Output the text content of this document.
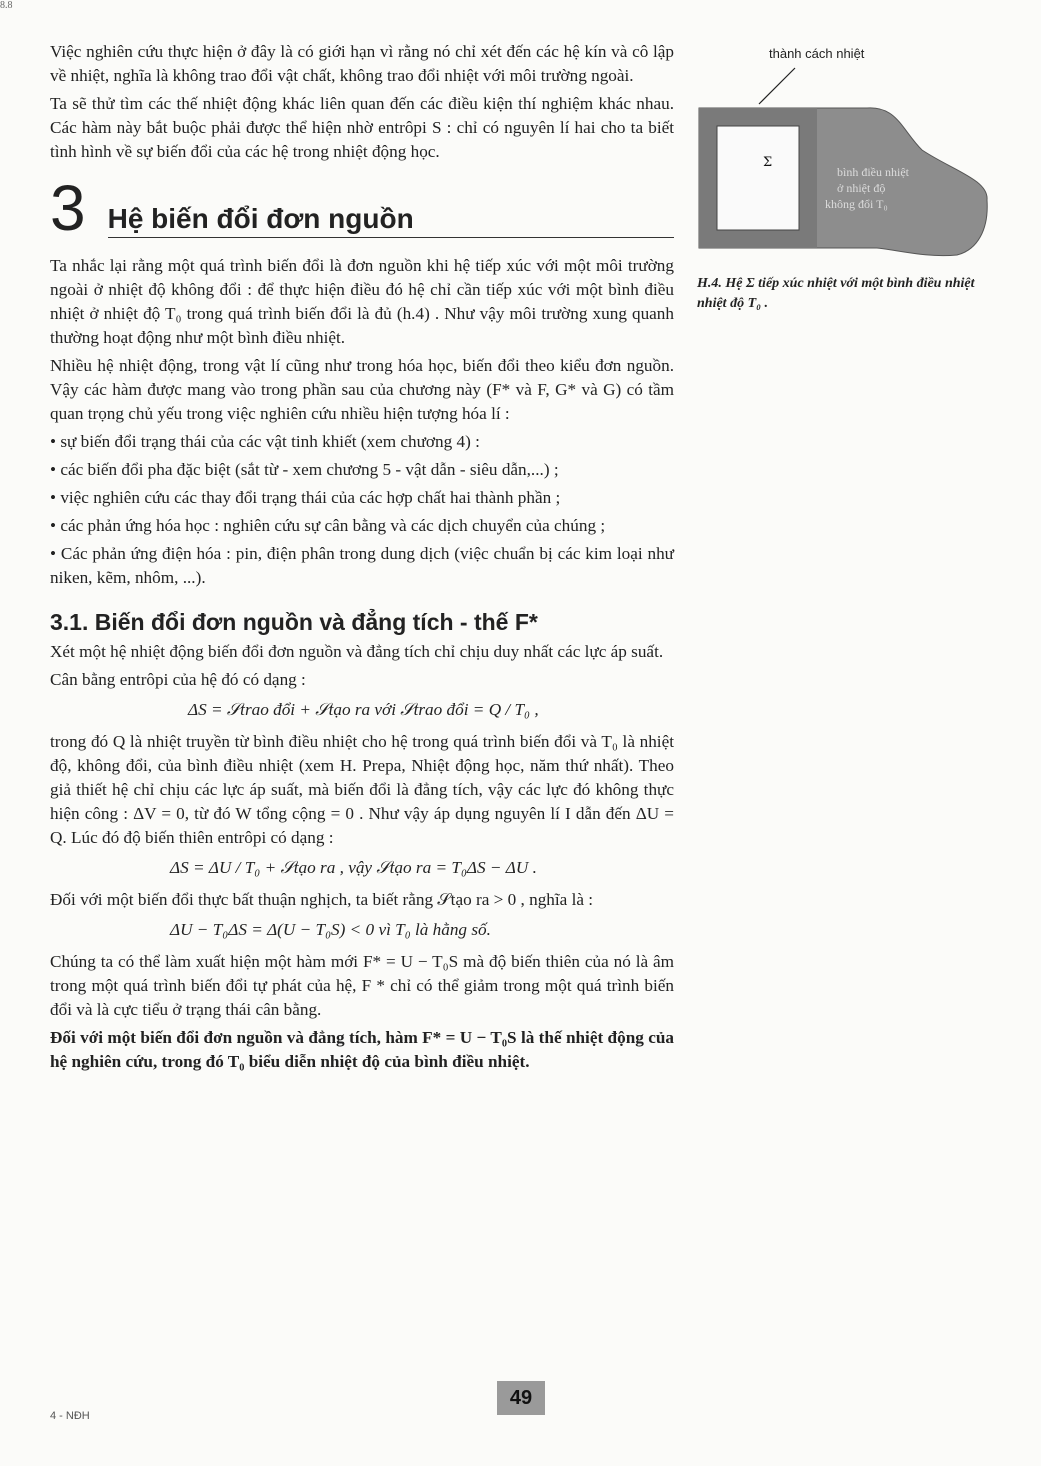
8.8

Việc nghiên cứu thực hiện ở đây là có giới hạn vì rằng nó chỉ xét đến các hệ kín và cô lập về nhiệt, nghĩa là không trao đổi vật chất, không trao đổi nhiệt với môi trường ngoài.

Ta sẽ thử tìm các thế nhiệt động khác liên quan đến các điều kiện thí nghiệm khác nhau. Các hàm này bắt buộc phải được thể hiện nhờ entrôpi S : chỉ có nguyên lí hai cho ta biết tình hình về sự biến đổi của các hệ trong nhiệt động học.

3 Hệ biến đổi đơn nguồn

Ta nhắc lại rằng một quá trình biến đổi là đơn nguồn khi hệ tiếp xúc với một môi trường ngoài ở nhiệt độ không đổi : để thực hiện điều đó hệ chỉ cần tiếp xúc với một bình điều nhiệt ở nhiệt độ T₀ trong quá trình biến đổi là đủ (h.4) . Như vậy môi trường xung quanh thường hoạt động như một bình điều nhiệt.

Nhiều hệ nhiệt động, trong vật lí cũng như trong hóa học, biến đổi theo kiểu đơn nguồn. Vậy các hàm được mang vào trong phần sau của chương này (F* và F, G* và G) có tầm quan trọng chủ yếu trong việc nghiên cứu nhiều hiện tượng hóa lí :

• sự biến đổi trạng thái của các vật tinh khiết (xem chương 4) :

• các biến đổi pha đặc biệt (sắt từ - xem chương 5 - vật dẫn - siêu dẫn,...) ;

• việc nghiên cứu các thay đổi trạng thái của các hợp chất hai thành phần ;

• các phản ứng hóa học : nghiên cứu sự cân bằng và các dịch chuyển của chúng ;

• Các phản ứng điện hóa : pin, điện phân trong dung dịch (việc chuẩn bị các kim loại như niken, kẽm, nhôm, ...).

3.1. Biến đổi đơn nguồn và đẳng tích - thế F*

Xét một hệ nhiệt động biến đổi đơn nguồn và đẳng tích chỉ chịu duy nhất các lực áp suất.

Cân bằng entrôpi của hệ đó có dạng :

ΔS = 𝒮trao đổi + 𝒮tạo ra với 𝒮trao đổi = Q / T₀ ,

trong đó Q là nhiệt truyền từ bình điều nhiệt cho hệ trong quá trình biến đổi và T₀ là nhiệt độ, không đổi, của bình điều nhiệt (xem H. Prepa, Nhiệt động học, năm thứ nhất). Theo giả thiết hệ chỉ chịu các lực áp suất, mà biến đổi là đẳng tích, vậy các lực đó không thực hiện công : ΔV = 0, từ đó W tổng cộng = 0 . Như vậy áp dụng nguyên lí I dẫn đến ΔU = Q. Lúc đó độ biến thiên entrôpi có dạng :

ΔS = ΔU / T₀ + 𝒮tạo ra , vậy 𝒮tạo ra = T₀ΔS − ΔU .

Đối với một biến đổi thực bất thuận nghịch, ta biết rằng 𝒮tạo ra > 0 , nghĩa là :

ΔU − T₀ΔS = Δ(U − T₀S) < 0 vì T₀ là hằng số.

Chúng ta có thể làm xuất hiện một hàm mới F* = U − T₀S mà độ biến thiên của nó là âm trong một quá trình biến đổi tự phát của hệ, F * chỉ có thể giảm trong một quá trình biến đổi và là cực tiểu ở trạng thái cân bằng.

Đối với một biến đổi đơn nguồn và đẳng tích, hàm F* = U − T₀S là thế nhiệt động của hệ nghiên cứu, trong đó T₀ biểu diễn nhiệt độ của bình điều nhiệt.

Σ
bình điều nhiệt
ở nhiệt độ
không đổi T₀
thành cách nhiệt
H.4. Hệ Σ tiếp xúc nhiệt với một bình điều nhiệt nhiệt độ T₀ .
49
4 - NĐH
